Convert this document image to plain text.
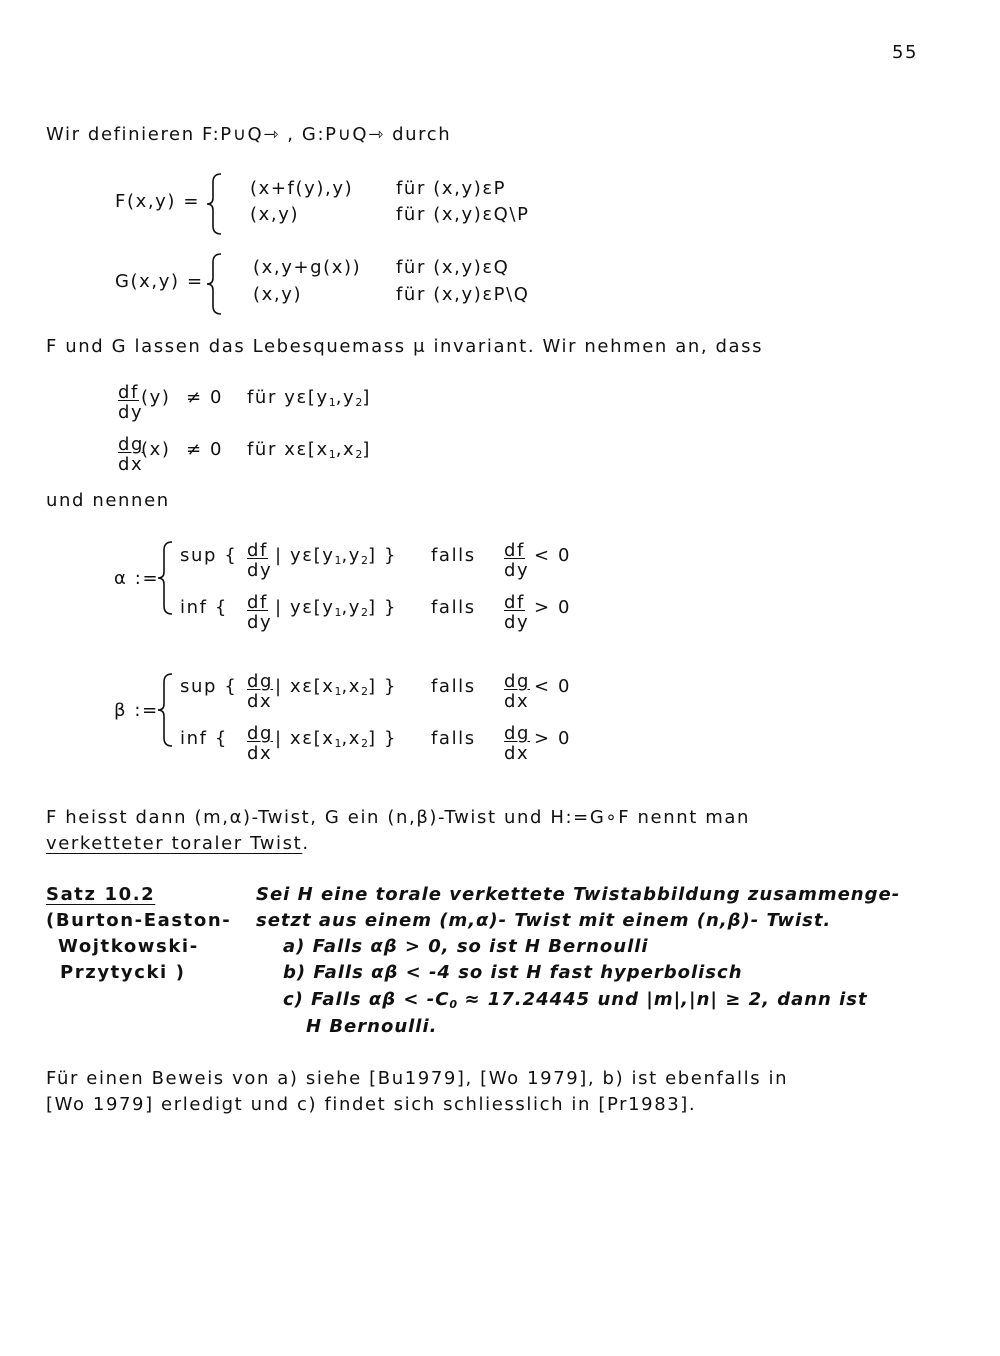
55
Wir definieren F:P∪Q⇾ , G:P∪Q⇾ durch
F(x,y) =
(x+f(y),y) für (x,y)εP
(x,y)	für (x,y)εQ\P
G(x,y) =
(x,y+g(x)) für (x,y)εQ
(x,y)	für (x,y)εP\Q
F und G lassen das Lebesquemass μ invariant. Wir nehmen an, dass
$\frac{df}{dy}$
(y) ≠ 0 für $y\varepsilon[y_1,y_2]$
$\frac{dg}{dx}$
(x) ≠ 0 für $x\varepsilon[x_1,x_2]$
und nennen
α :=
sup { $\frac{df}{dy}$ | $y\varepsilon[y_1,y_2]$ } falls $\frac{df}{dy} < 0$
inf { $\frac{df}{dy}$ | $y\varepsilon[y_1,y_2]$ } falls $\frac{df}{dy} > 0$
β :=
sup { $\frac{dg}{dx}$ | $x\varepsilon[x_1,x_2]$ } falls $\frac{dg}{dx} < 0$
inf { $\frac{dg}{dx}$ | $x\varepsilon[x_1,x_2]$ } falls $\frac{dg}{dx} > 0$
F heisst dann (m,α)-Twist, G ein (n,β)-Twist und H:=G∘F nennt man
verketteter toraler Twist.
Satz 10.2
(Burton-Easton-
Wojtkowski-
Przytycki )
Sei H eine torale verkettete Twistabbildung zusammenge-
setzt aus einem (m,α)- Twist mit einem (n,β)- Twist.
a) Falls αβ > 0, so ist H Bernoulli
b) Falls αβ < -4 so ist H fast hyperbolisch
c) Falls $\alpha\beta < -C_0 \approx 17.24445$ und |m|,|n| ≥ 2, dann ist
H Bernoulli.
Für einen Beweis von a) siehe [Bu1979], [Wo 1979], b) ist ebenfalls in
[Wo 1979] erledigt und c) findet sich schliesslich in [Pr1983].
